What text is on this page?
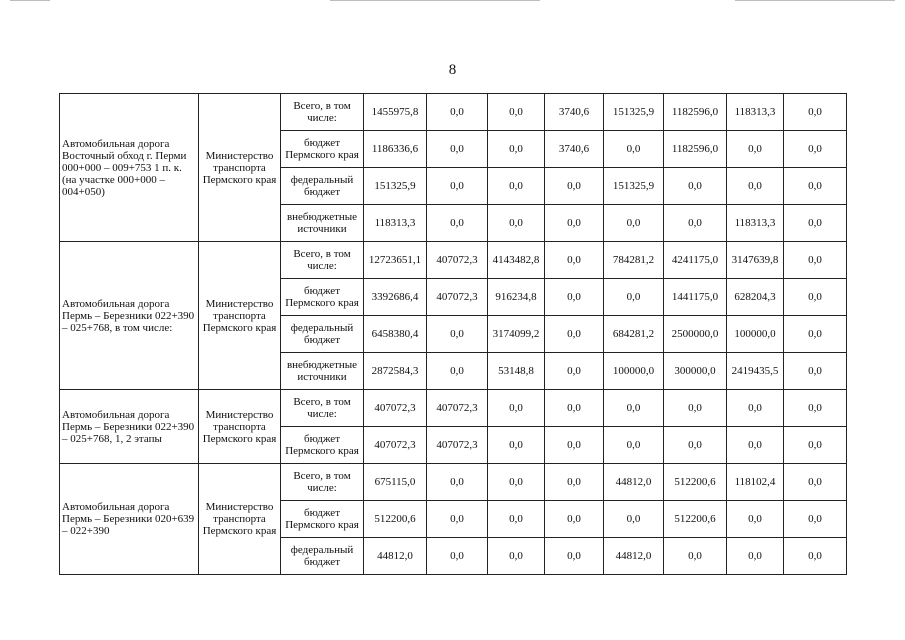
8
Автомобильная дорога Восточный обход г. Перми 000+000 – 009+753 1 п. к. (на участке 000+000 – 004+050)	Министерство транспорта Пермского края	Всего, в том числе:	1455975,8	0,0	0,0	3740,6	151325,9	1182596,0	118313,3	0,0
		бюджет Пермского края	1186336,6	0,0	0,0	3740,6	0,0	1182596,0	0,0	0,0
		федеральный бюджет	151325,9	0,0	0,0	0,0	151325,9	0,0	0,0	0,0
		внебюджетные источники	118313,3	0,0	0,0	0,0	0,0	0,0	118313,3	0,0
Автомобильная дорога Пермь – Березники 022+390 – 025+768, в том числе:	Министерство транспорта Пермского края	Всего, в том числе:	12723651,1	407072,3	4143482,8	0,0	784281,2	4241175,0	3147639,8	0,0
		бюджет Пермского края	3392686,4	407072,3	916234,8	0,0	0,0	1441175,0	628204,3	0,0
		федеральный бюджет	6458380,4	0,0	3174099,2	0,0	684281,2	2500000,0	100000,0	0,0
		внебюджетные источники	2872584,3	0,0	53148,8	0,0	100000,0	300000,0	2419435,5	0,0
Автомобильная дорога Пермь – Березники 022+390 – 025+768, 1, 2 этапы	Министерство транспорта Пермского края	Всего, в том числе:	407072,3	407072,3	0,0	0,0	0,0	0,0	0,0	0,0
		бюджет Пермского края	407072,3	407072,3	0,0	0,0	0,0	0,0	0,0	0,0
Автомобильная дорога Пермь – Березники 020+639 – 022+390	Министерство транспорта Пермского края	Всего, в том числе:	675115,0	0,0	0,0	0,0	44812,0	512200,6	118102,4	0,0
		бюджет Пермского края	512200,6	0,0	0,0	0,0	0,0	512200,6	0,0	0,0
		федеральный бюджет	44812,0	0,0	0,0	0,0	44812,0	0,0	0,0	0,0
